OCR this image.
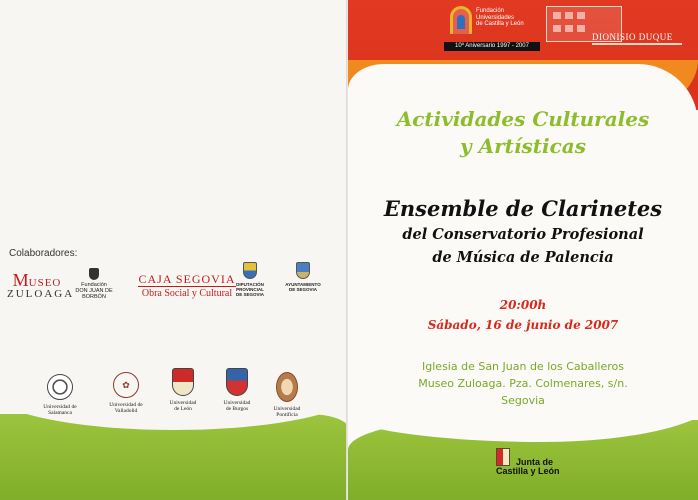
Colaboradores:
MUSEO
ZULOAGA
Fundación
DON JUAN DE BORBÓN
CAJA SEGOVIA
Obra Social y Cultural
DIPUTACIÓN PROVINCIAL
DE SEGOVIA
AYUNTAMIENTO
DE SEGOVIA
Universidad de
Salamanca
✿
Universidad de
Valladolid
Universidad
de León
Universidad
de Burgos	Universidad
Pontificia
Fundación
Universidades
de Castilla y León
10º Aniversario 1997 - 2007
DIONISIO DUQUE
Actividades Culturales
y Artísticas
Ensemble de Clarinetes
del Conservatorio Profesional
de Música de Palencia
20:00h
Sábado, 16 de junio de 2007
Iglesia de San Juan de los Caballeros
Museo Zuloaga. Pza. Colmenares, s/n.
Segovia
Junta de
Castilla y León
